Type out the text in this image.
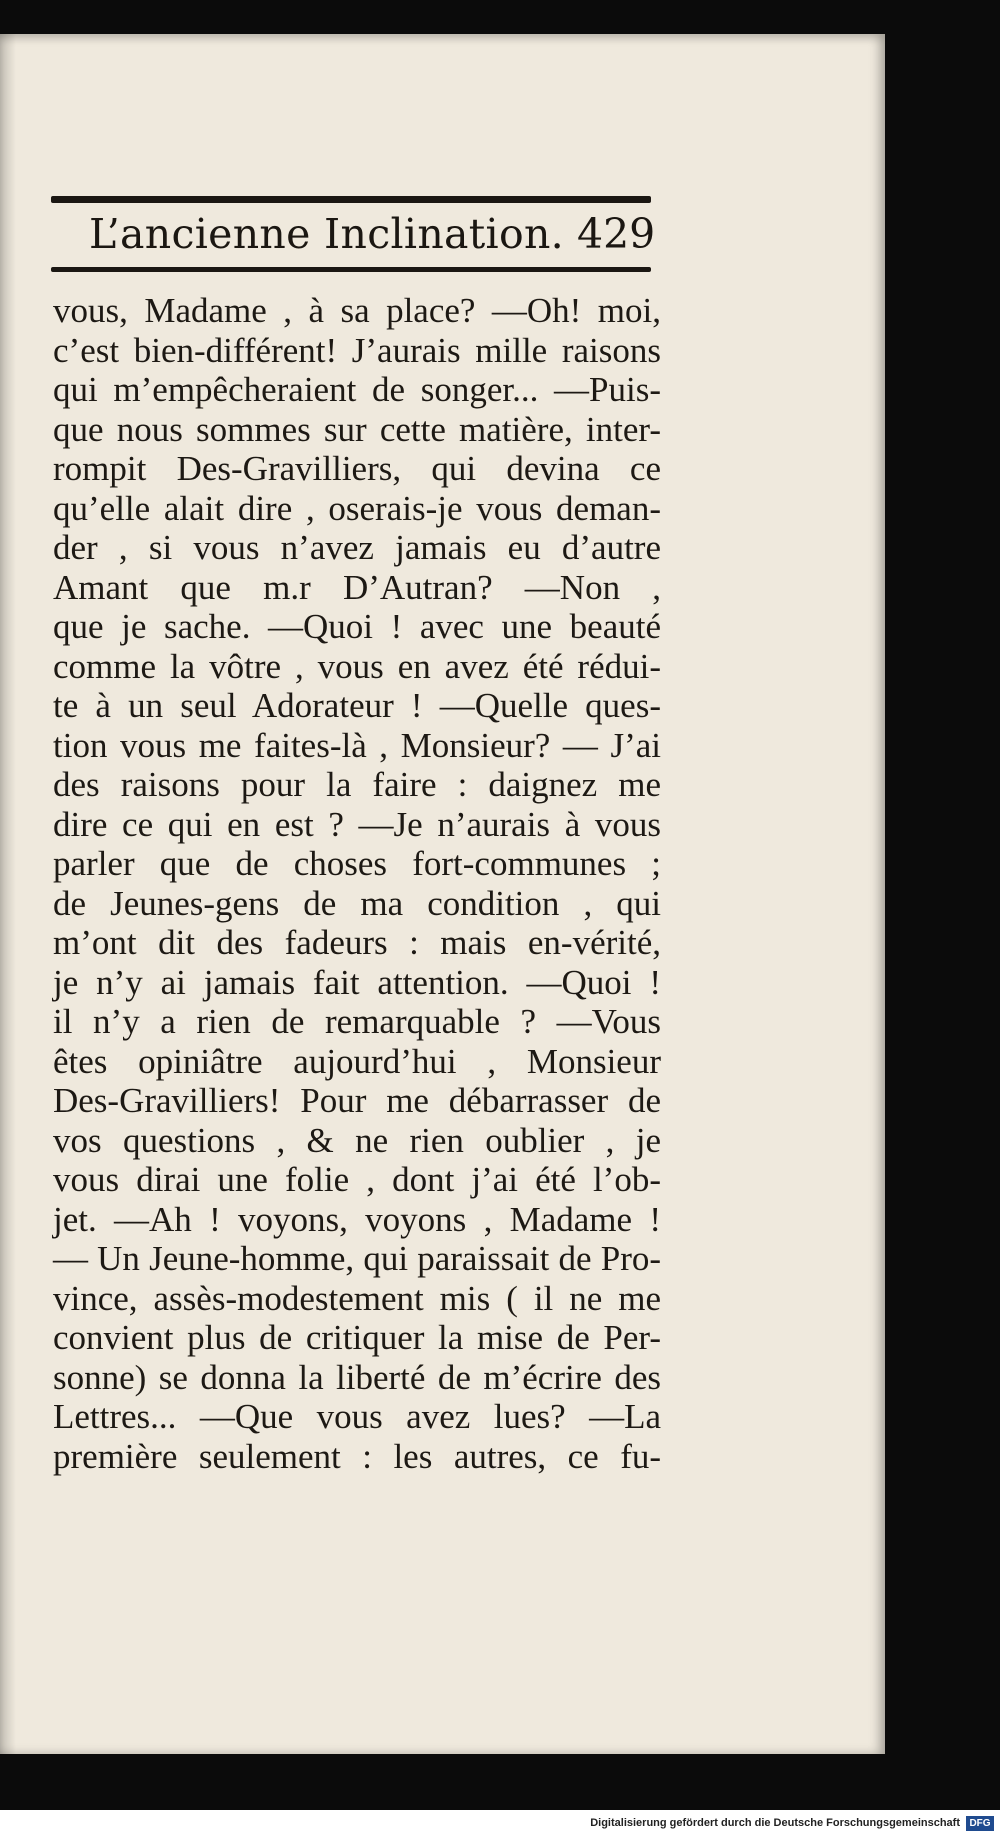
L’ancienne Inclination. 429
vous, Madame , à sa place? —Oh! moi,
c’est bien-différent! J’aurais mille raisons
qui m’empêcheraient de songer... —Puis-
que nous sommes sur cette matière, inter-
rompit Des-Gravilliers, qui devina ce
qu’elle alait dire , oserais-je vous deman-
der , si vous n’avez jamais eu d’autre
Amant que m.r D’Autran? —Non ,
que je sache. —Quoi ! avec une beauté
comme la vôtre , vous en avez été rédui-
te à un seul Adorateur ! —Quelle ques-
tion vous me faites-là , Monsieur? — J’ai
des raisons pour la faire : daignez me
dire ce qui en est ? —Je n’aurais à vous
parler que de choses fort-communes ;
de Jeunes-gens de ma condition , qui
m’ont dit des fadeurs : mais en-vérité,
je n’y ai jamais fait attention. —Quoi !
il n’y a rien de remarquable ? —Vous
êtes opiniâtre aujourd’hui , Monsieur
Des-Gravilliers! Pour me débarrasser de
vos questions , & ne rien oublier , je
vous dirai une folie , dont j’ai été l’ob-
jet. —Ah ! voyons, voyons , Madame !
— Un Jeune-homme, qui paraissait de Pro-
vince, assès-modestement mis ( il ne me
convient plus de critiquer la mise de Per-
sonne) se donna la liberté de m’écrire des
Lettres... —Que vous avez lues? —La
première seulement : les autres, ce fu-
Digitalisierung gefördert durch die Deutsche Forschungsgemeinschaft DFG
